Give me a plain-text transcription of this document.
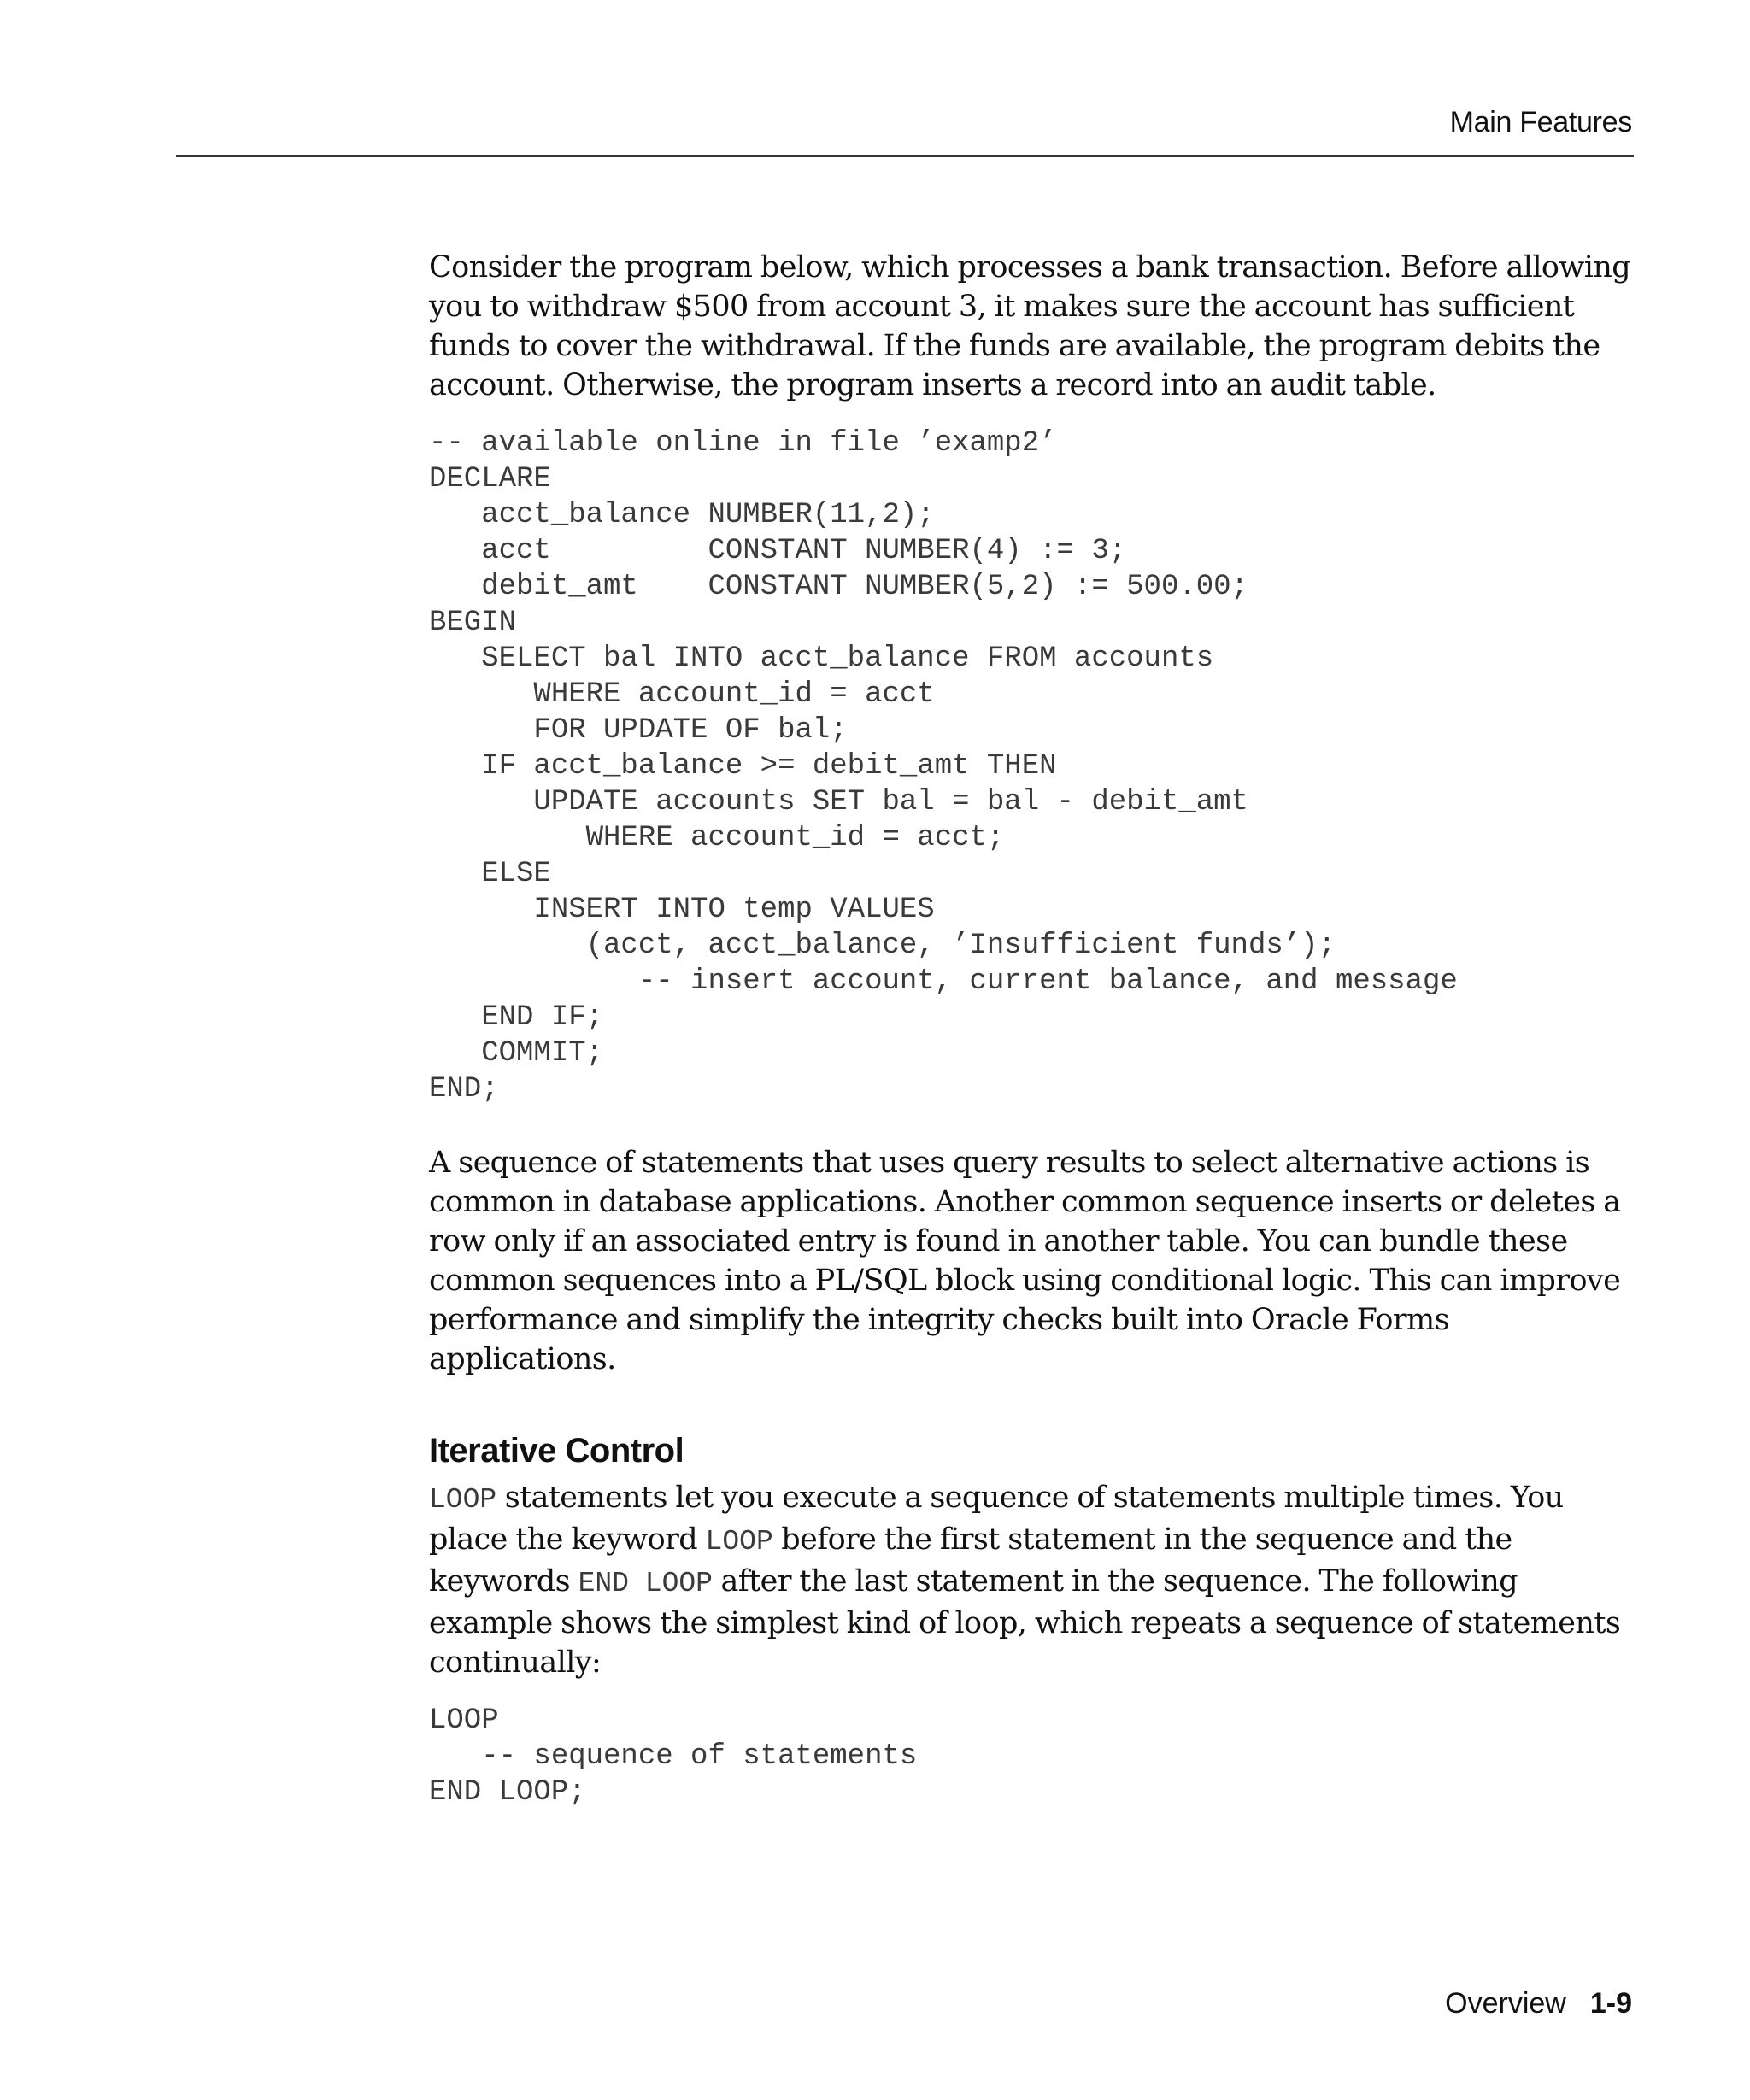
Main Features

Consider the program below, which processes a bank transaction. Before allowing you to withdraw $500 from account 3, it makes sure the account has sufficient funds to cover the withdrawal. If the funds are available, the program debits the account. Otherwise, the program inserts a record into an audit table.

-- available online in file ’examp2’
DECLARE
acct_balance NUMBER(11,2);
acct         CONSTANT NUMBER(4) := 3;
debit_amt    CONSTANT NUMBER(5,2) := 500.00;
BEGIN
SELECT bal INTO acct_balance FROM accounts
WHERE account_id = acct
FOR UPDATE OF bal;
IF acct_balance >= debit_amt THEN
UPDATE accounts SET bal = bal - debit_amt
WHERE account_id = acct;
ELSE
INSERT INTO temp VALUES
(acct, acct_balance, ’Insufficient funds’);
-- insert account, current balance, and message
END IF;
COMMIT;
END;

A sequence of statements that uses query results to select alternative actions is common in database applications. Another common sequence inserts or deletes a row only if an associated entry is found in another table. You can bundle these common sequences into a PL/SQL block using conditional logic. This can improve performance and simplify the integrity checks built into Oracle Forms applications.

Iterative Control

LOOP statements let you execute a sequence of statements multiple times. You place the keyword LOOP before the first statement in the sequence and the keywords END LOOP after the last statement in the sequence. The following example shows the simplest kind of loop, which repeats a sequence of statements continually:

LOOP
-- sequence of statements
END LOOP;
Overview 1-9
